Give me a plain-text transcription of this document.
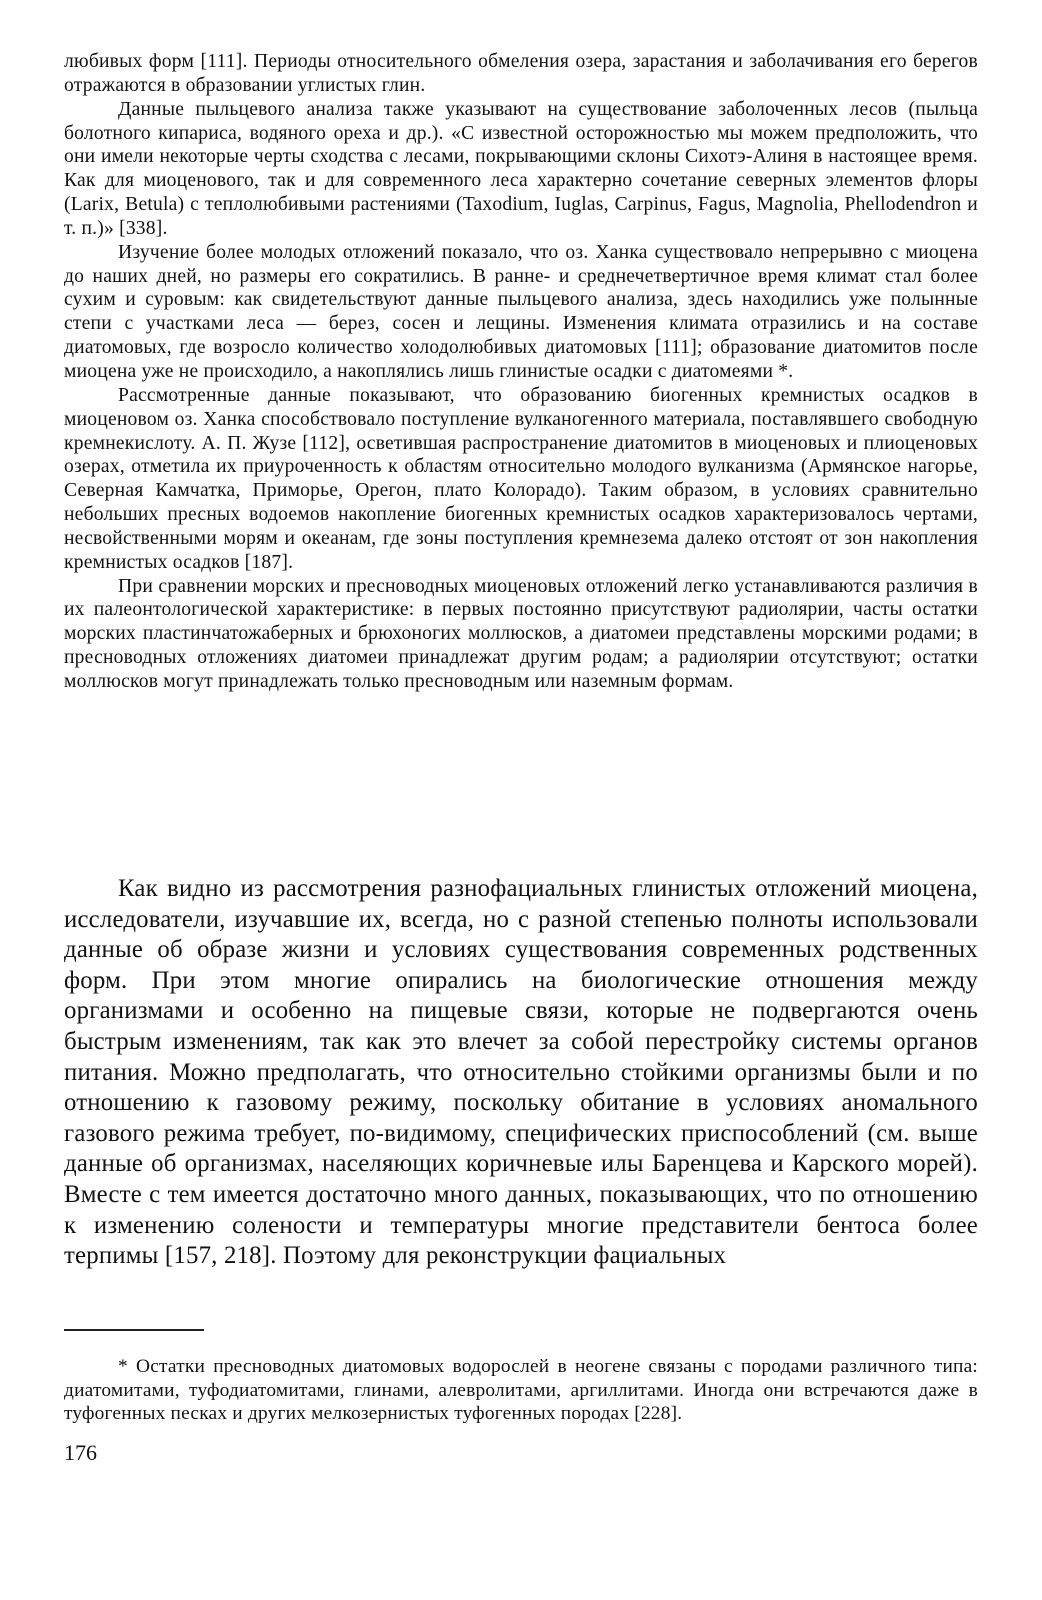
любивых форм [111]. Периоды относительного обмеления озера, зарастания и заболачивания его берегов отражаются в образовании углистых глин.

Данные пыльцевого анализа также указывают на существование заболоченных лесов (пыльца болотного кипариса, водяного ореха и др.). «С известной осторожностью мы можем предположить, что они имели некоторые черты сходства с лесами, покрывающими склоны Сихотэ-Алиня в настоящее время. Как для миоценового, так и для современного леса характерно сочетание северных элементов флоры (Larix, Betula) с теплолюбивыми растениями (Taxodium, Iuglas, Carpinus, Fagus, Magnolia, Phellodendron и т. п.)» [338].

Изучение более молодых отложений показало, что оз. Ханка существовало непрерывно с миоцена до наших дней, но размеры его сократились. В ранне- и среднечетвертичное время климат стал более сухим и суровым: как свидетельствуют данные пыльцевого анализа, здесь находились уже полынные степи с участками леса — берез, сосен и лещины. Изменения климата отразились и на составе диатомовых, где возросло количество холодолюбивых диатомовых [111]; образование диатомитов после миоцена уже не происходило, а накоплялись лишь глинистые осадки с диатомеями *.

Рассмотренные данные показывают, что образованию биогенных кремнистых осадков в миоценовом оз. Ханка способствовало поступление вулканогенного материала, поставлявшего свободную кремнекислоту. А. П. Жузе [112], осветившая распространение диатомитов в миоценовых и плиоценовых озерах, отметила их приуроченность к областям относительно молодого вулканизма (Армянское нагорье, Северная Камчатка, Приморье, Орегон, плато Колорадо). Таким образом, в условиях сравнительно небольших пресных водоемов накопление биогенных кремнистых осадков характеризовалось чертами, несвойственными морям и океанам, где зоны поступления кремнезема далеко отстоят от зон накопления кремнистых осадков [187].

При сравнении морских и пресноводных миоценовых отложений легко устанавливаются различия в их палеонтологической характеристике: в первых постоянно присутствуют радиолярии, часты остатки морских пластинчатожаберных и брюхоногих моллюсков, а диатомеи представлены морскими родами; в пресноводных отложениях диатомеи принадлежат другим родам; а радиолярии отсутствуют; остатки моллюсков могут принадлежать только пресноводным или наземным формам.

Как видно из рассмотрения разнофациальных глинистых отложений миоцена, исследователи, изучавшие их, всегда, но с разной степенью полноты использовали данные об образе жизни и условиях существования современных родственных форм. При этом многие опирались на биологические отношения между организмами и особенно на пищевые связи, которые не подвергаются очень быстрым изменениям, так как это влечет за собой перестройку системы органов питания. Можно предполагать, что относительно стойкими организмы были и по отношению к газовому режиму, поскольку обитание в условиях аномального газового режима требует, по-видимому, специфических приспособлений (см. выше данные об организмах, населяющих коричневые илы Баренцева и Карского морей). Вместе с тем имеется достаточно много данных, показывающих, что по отношению к изменению солености и температуры многие представители бентоса более терпимы [157, 218]. Поэтому для реконструкции фациальных

* Остатки пресноводных диатомовых водорослей в неогене связаны с породами различного типа: диатомитами, туфодиатомитами, глинами, алевролитами, аргиллитами. Иногда они встречаются даже в туфогенных песках и других мелкозернистых туфогенных породах [228].

176
